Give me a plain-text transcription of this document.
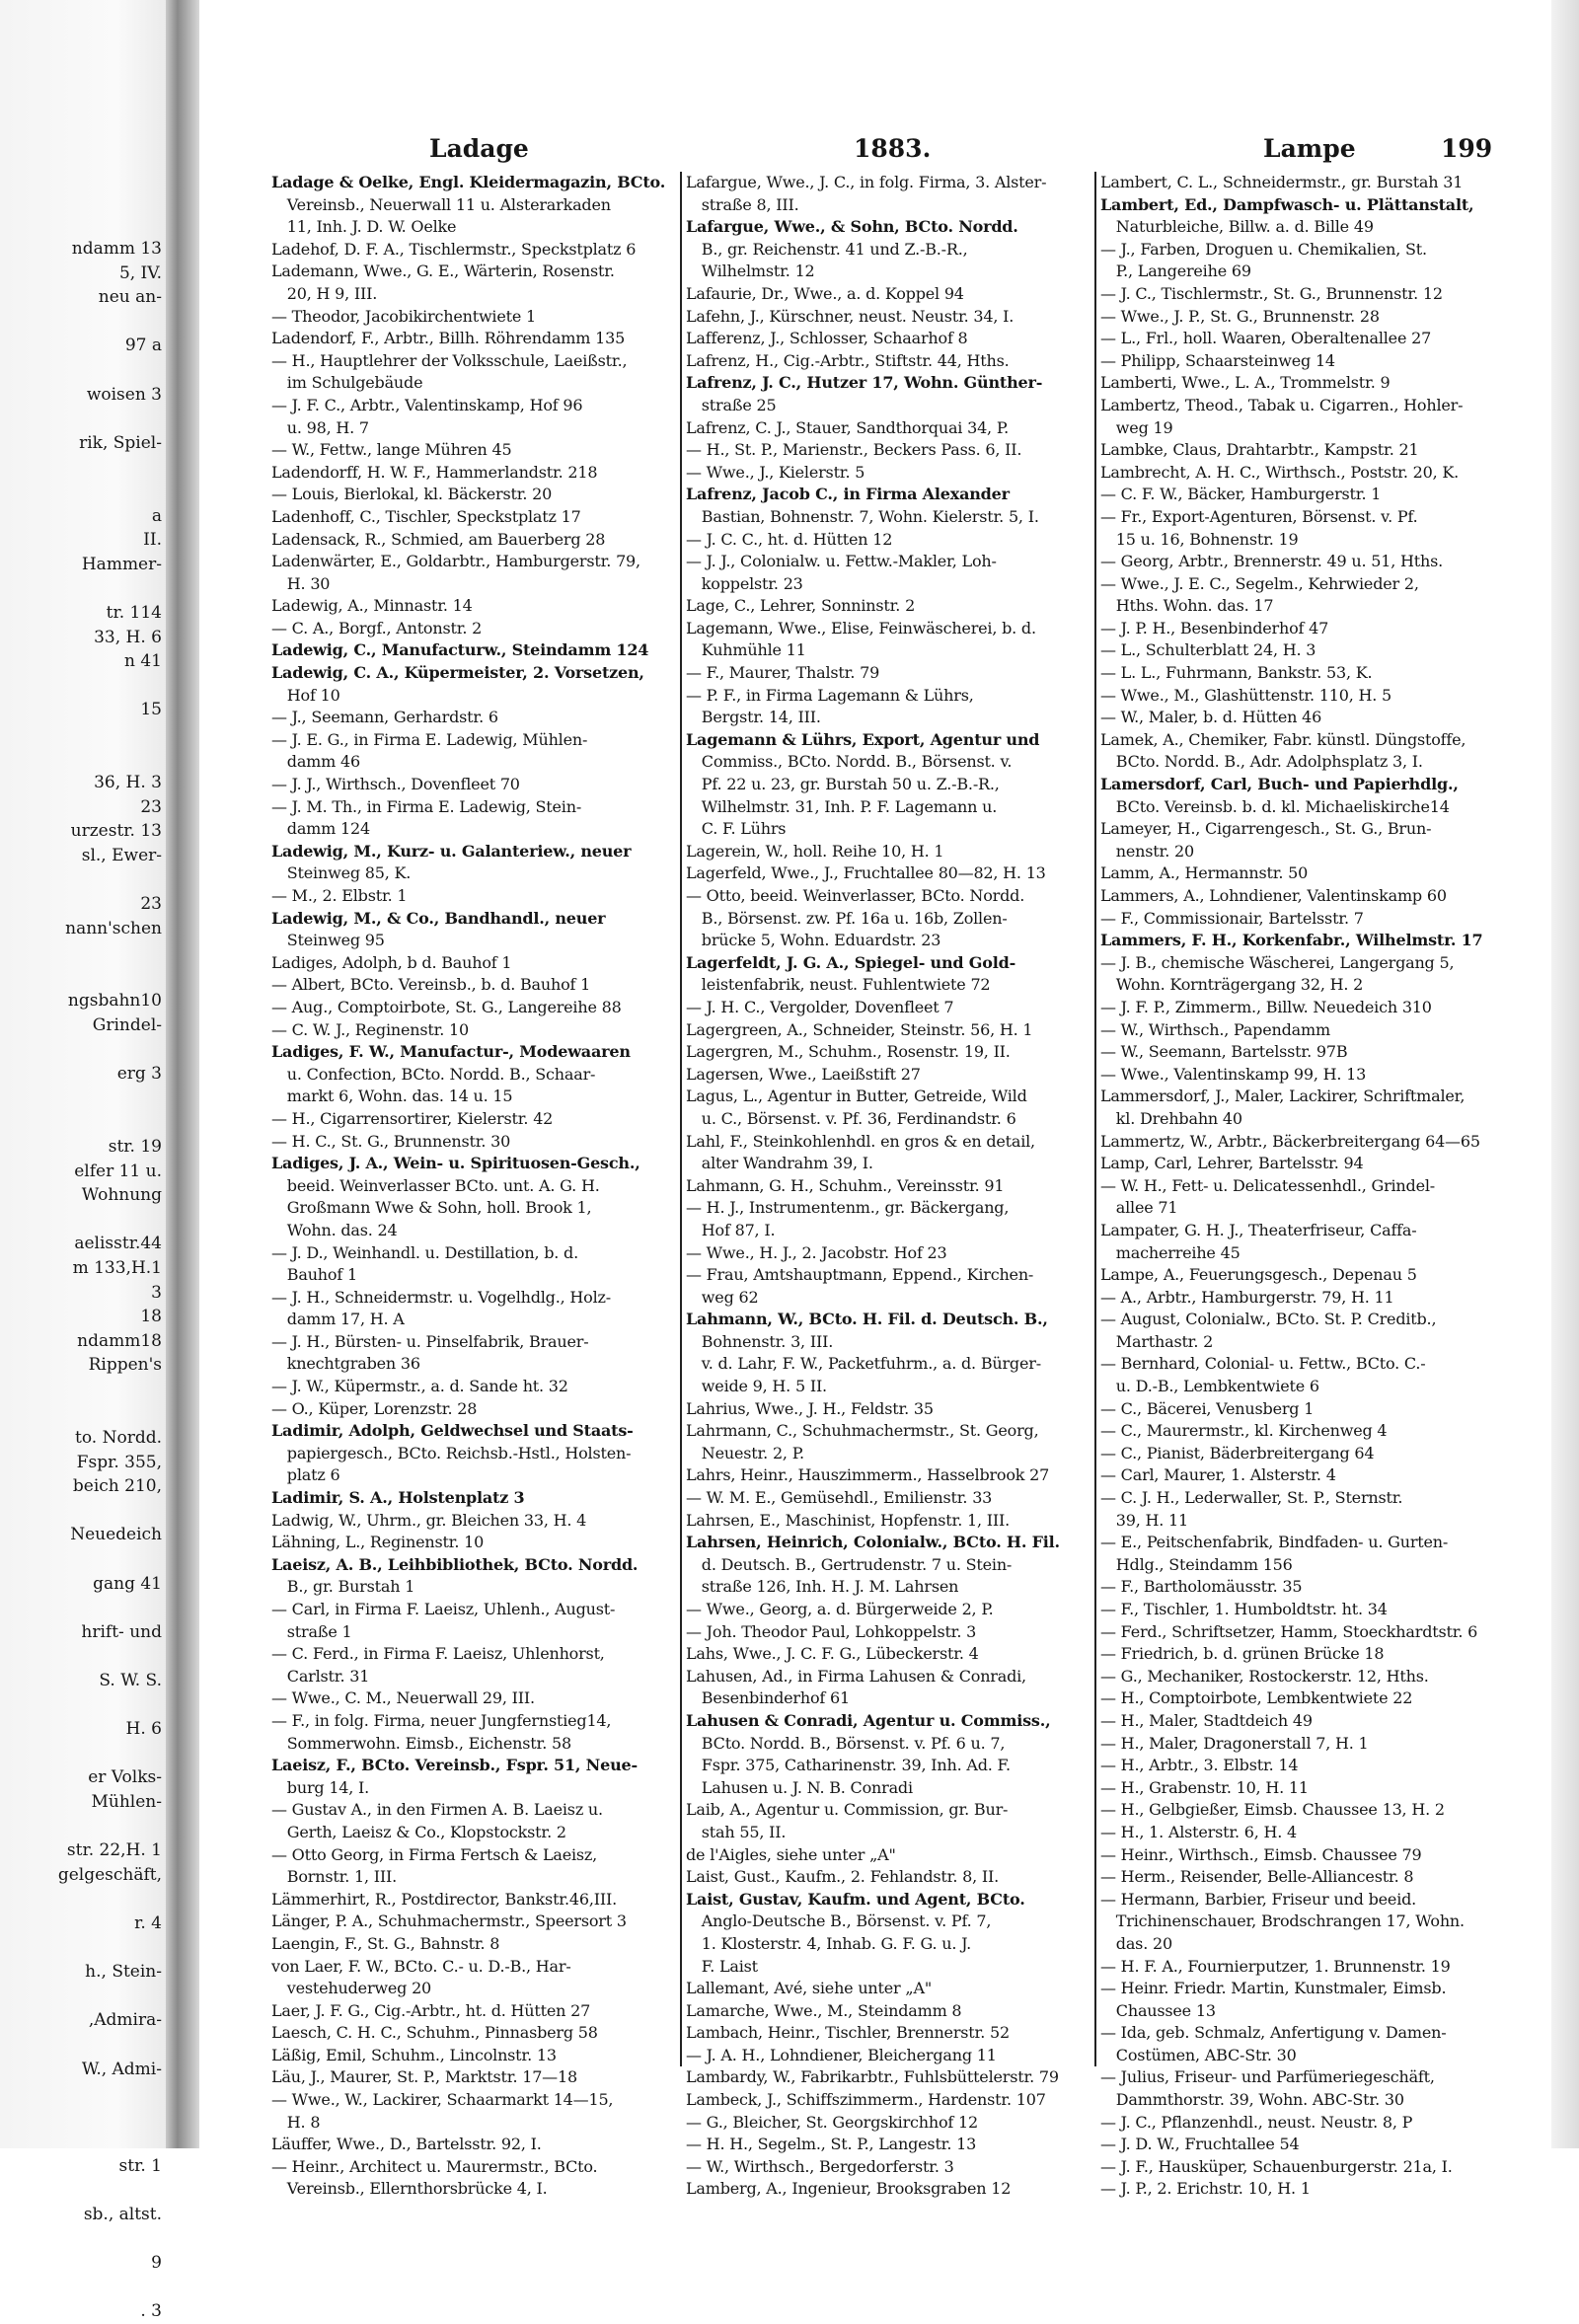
ndamm 13
5, IV.
neu an-

97 a

woisen 3

rik, Spiel-

a
II.
Hammer-

tr. 114
33, H. 6
n 41

15

36, H. 3
23
urzestr. 13
sl., Ewer-

23
nann'schen

ngsbahn10
Grindel-

erg 3

str. 19
elfer 11 u.
Wohnung

aelisstr.44
m 133,H.1
3
18
ndamm18
Rippen's

to. Nordd.
Fspr. 355,
beich 210,

Neuedeich

gang 41

hrift- und

S. W. S.

H. 6

er Volks-
Mühlen-

str. 22,H. 1
gelgeschäft,

r. 4

h., Stein-

,Admira-

W., Admi-

str. 1

sb., altst.

9

. 3
Ladage	1883.	Lampe	199
Ladage & Oelke, Engl. Kleidermagazin, BCto.
 Vereinsb., Neuerwall 11 u. Alsterarkaden
 11, Inh. J. D. W. Oelke
Ladehof, D. F. A., Tischlermstr., Speckstplatz 6
Lademann, Wwe., G. E., Wärterin, Rosenstr.
 20, H 9, III.
— Theodor, Jacobikirchentwiete 1
Ladendorf, F., Arbtr., Billh. Röhrendamm 135
— H., Hauptlehrer der Volksschule, Laeißstr.,
 im Schulgebäude
— J. F. C., Arbtr., Valentinskamp, Hof 96
 u. 98, H. 7
— W., Fettw., lange Mühren 45
Ladendorff, H. W. F., Hammerlandstr. 218
— Louis, Bierlokal, kl. Bäckerstr. 20
Ladenhoff, C., Tischler, Speckstplatz 17
Ladensack, R., Schmied, am Bauerberg 28
Ladenwärter, E., Goldarbtr., Hamburgerstr. 79,
 H. 30
Ladewig, A., Minnastr. 14
— C. A., Borgf., Antonstr. 2
Ladewig, C., Manufacturw., Steindamm 124
Ladewig, C. A., Küpermeister, 2. Vorsetzen,
 Hof 10
— J., Seemann, Gerhardstr. 6
— J. E. G., in Firma E. Ladewig, Mühlen-
 damm 46
— J. J., Wirthsch., Dovenfleet 70
— J. M. Th., in Firma E. Ladewig, Stein-
 damm 124
Ladewig, M., Kurz- u. Galanteriew., neuer
 Steinweg 85, K.
— M., 2. Elbstr. 1
Ladewig, M., & Co., Bandhandl., neuer
 Steinweg 95
Ladiges, Adolph, b d. Bauhof 1
— Albert, BCto. Vereinsb., b. d. Bauhof 1
— Aug., Comptoirbote, St. G., Langereihe 88
— C. W. J., Reginenstr. 10
Ladiges, F. W., Manufactur-, Modewaaren
 u. Confection, BCto. Nordd. B., Schaar-
 markt 6, Wohn. das. 14 u. 15
— H., Cigarrensortirer, Kielerstr. 42
— H. C., St. G., Brunnenstr. 30
Ladiges, J. A., Wein- u. Spirituosen-Gesch.,
 beeid. Weinverlasser BCto. unt. A. G. H.
 Großmann Wwe & Sohn, holl. Brook 1,
 Wohn. das. 24
— J. D., Weinhandl. u. Destillation, b. d.
 Bauhof 1
— J. H., Schneidermstr. u. Vogelhdlg., Holz-
 damm 17, H. A
— J. H., Bürsten- u. Pinselfabrik, Brauer-
 knechtgraben 36
— J. W., Küpermstr., a. d. Sande ht. 32
— O., Küper, Lorenzstr. 28
Ladimir, Adolph, Geldwechsel und Staats-
 papiergesch., BCto. Reichsb.-Hstl., Holsten-
 platz 6
Ladimir, S. A., Holstenplatz 3
Ladwig, W., Uhrm., gr. Bleichen 33, H. 4
Lähning, L., Reginenstr. 10
Laeisz, A. B., Leihbibliothek, BCto. Nordd.
 B., gr. Burstah 1
— Carl, in Firma F. Laeisz, Uhlenh., August-
 straße 1
— C. Ferd., in Firma F. Laeisz, Uhlenhorst,
 Carlstr. 31
— Wwe., C. M., Neuerwall 29, III.
— F., in folg. Firma, neuer Jungfernstieg14,
 Sommerwohn. Eimsb., Eichenstr. 58
Laeisz, F., BCto. Vereinsb., Fspr. 51, Neue-
 burg 14, I.
— Gustav A., in den Firmen A. B. Laeisz u.
 Gerth, Laeisz & Co., Klopstockstr. 2
— Otto Georg, in Firma Fertsch & Laeisz,
 Bornstr. 1, III.
Lämmerhirt, R., Postdirector, Bankstr.46,III.
Länger, P. A., Schuhmachermstr., Speersort 3
Laengin, F., St. G., Bahnstr. 8
von Laer, F. W., BCto. C.- u. D.-B., Har-
 vestehuderweg 20
Laer, J. F. G., Cig.-Arbtr., ht. d. Hütten 27
Laesch, C. H. C., Schuhm., Pinnasberg 58
Läßig, Emil, Schuhm., Lincolnstr. 13
Läu, J., Maurer, St. P., Marktstr. 17—18
— Wwe., W., Lackirer, Schaarmarkt 14—15,
 H. 8
Läuffer, Wwe., D., Bartelsstr. 92, I.
— Heinr., Architect u. Maurermstr., BCto.
 Vereinsb., Ellernthorsbrücke 4, I.
Lafargue, Wwe., J. C., in folg. Firma, 3. Alster-
 straße 8, III.
Lafargue, Wwe., & Sohn, BCto. Nordd.
 B., gr. Reichenstr. 41 und Z.-B.-R.,
 Wilhelmstr. 12
Lafaurie, Dr., Wwe., a. d. Koppel 94
Lafehn, J., Kürschner, neust. Neustr. 34, I.
Lafferenz, J., Schlosser, Schaarhof 8
Lafrenz, H., Cig.-Arbtr., Stiftstr. 44, Hths.
Lafrenz, J. C., Hutzer 17, Wohn. Günther-
 straße 25
Lafrenz, C. J., Stauer, Sandthorquai 34, P.
— H., St. P., Marienstr., Beckers Pass. 6, II.
— Wwe., J., Kielerstr. 5
Lafrenz, Jacob C., in Firma Alexander
 Bastian, Bohnenstr. 7, Wohn. Kielerstr. 5, I.
— J. C. C., ht. d. Hütten 12
— J. J., Colonialw. u. Fettw.-Makler, Loh-
 koppelstr. 23
Lage, C., Lehrer, Sonninstr. 2
Lagemann, Wwe., Elise, Feinwäscherei, b. d.
 Kuhmühle 11
— F., Maurer, Thalstr. 79
— P. F., in Firma Lagemann & Lührs,
 Bergstr. 14, III.
Lagemann & Lührs, Export, Agentur und
 Commiss., BCto. Nordd. B., Börsenst. v.
 Pf. 22 u. 23, gr. Burstah 50 u. Z.-B.-R.,
 Wilhelmstr. 31, Inh. P. F. Lagemann u.
 C. F. Lührs
Lagerein, W., holl. Reihe 10, H. 1
Lagerfeld, Wwe., J., Fruchtallee 80—82, H. 13
— Otto, beeid. Weinverlasser, BCto. Nordd.
 B., Börsenst. zw. Pf. 16a u. 16b, Zollen-
 brücke 5, Wohn. Eduardstr. 23
Lagerfeldt, J. G. A., Spiegel- und Gold-
 leistenfabrik, neust. Fuhlentwiete 72
— J. H. C., Vergolder, Dovenfleet 7
Lagergreen, A., Schneider, Steinstr. 56, H. 1
Lagergren, M., Schuhm., Rosenstr. 19, II.
Lagersen, Wwe., Laeißstift 27
Lagus, L., Agentur in Butter, Getreide, Wild
 u. C., Börsenst. v. Pf. 36, Ferdinandstr. 6
Lahl, F., Steinkohlenhdl. en gros & en detail,
 alter Wandrahm 39, I.
Lahmann, G. H., Schuhm., Vereinsstr. 91
— H. J., Instrumentenm., gr. Bäckergang,
 Hof 87, I.
— Wwe., H. J., 2. Jacobstr. Hof 23
— Frau, Amtshauptmann, Eppend., Kirchen-
 weg 62
Lahmann, W., BCto. H. Fil. d. Deutsch. B.,
 Bohnenstr. 3, III.
 v. d. Lahr, F. W., Packetfuhrm., a. d. Bürger-
 weide 9, H. 5 II.
Lahrius, Wwe., J. H., Feldstr. 35
Lahrmann, C., Schuhmachermstr., St. Georg,
 Neuestr. 2, P.
Lahrs, Heinr., Hauszimmerm., Hasselbrook 27
— W. M. E., Gemüsehdl., Emilienstr. 33
Lahrsen, E., Maschinist, Hopfenstr. 1, III.
Lahrsen, Heinrich, Colonialw., BCto. H. Fil.
 d. Deutsch. B., Gertrudenstr. 7 u. Stein-
 straße 126, Inh. H. J. M. Lahrsen
— Wwe., Georg, a. d. Bürgerweide 2, P.
— Joh. Theodor Paul, Lohkoppelstr. 3
Lahs, Wwe., J. C. F. G., Lübeckerstr. 4
Lahusen, Ad., in Firma Lahusen & Conradi,
 Besenbinderhof 61
Lahusen & Conradi, Agentur u. Commiss.,
 BCto. Nordd. B., Börsenst. v. Pf. 6 u. 7,
 Fspr. 375, Catharinenstr. 39, Inh. Ad. F.
 Lahusen u. J. N. B. Conradi
Laib, A., Agentur u. Commission, gr. Bur-
 stah 55, II.
de l'Aigles, siehe unter „A"
Laist, Gust., Kaufm., 2. Fehlandstr. 8, II.
Laist, Gustav, Kaufm. und Agent, BCto.
 Anglo-Deutsche B., Börsenst. v. Pf. 7,
 1. Klosterstr. 4, Inhab. G. F. G. u. J.
 F. Laist
Lallemant, Avé, siehe unter „A"
Lamarche, Wwe., M., Steindamm 8
Lambach, Heinr., Tischler, Brennerstr. 52
— J. A. H., Lohndiener, Bleichergang 11
Lambardy, W., Fabrikarbtr., Fuhlsbüttelerstr. 79
Lambeck, J., Schiffszimmerm., Hardenstr. 107
— G., Bleicher, St. Georgskirchhof 12
— H. H., Segelm., St. P., Langestr. 13
— W., Wirthsch., Bergedorferstr. 3
Lamberg, A., Ingenieur, Brooksgraben 12
Lambert, C. L., Schneidermstr., gr. Burstah 31
Lambert, Ed., Dampfwasch- u. Plättanstalt,
 Naturbleiche, Billw. a. d. Bille 49
— J., Farben, Droguen u. Chemikalien, St.
 P., Langereihe 69
— J. C., Tischlermstr., St. G., Brunnenstr. 12
— Wwe., J. P., St. G., Brunnenstr. 28
— L., Frl., holl. Waaren, Oberaltenallee 27
— Philipp, Schaarsteinweg 14
Lamberti, Wwe., L. A., Trommelstr. 9
Lambertz, Theod., Tabak u. Cigarren., Hohler-
 weg 19
Lambke, Claus, Drahtarbtr., Kampstr. 21
Lambrecht, A. H. C., Wirthsch., Poststr. 20, K.
— C. F. W., Bäcker, Hamburgerstr. 1
— Fr., Export-Agenturen, Börsenst. v. Pf.
 15 u. 16, Bohnenstr. 19
— Georg, Arbtr., Brennerstr. 49 u. 51, Hths.
— Wwe., J. E. C., Segelm., Kehrwieder 2,
 Hths. Wohn. das. 17
— J. P. H., Besenbinderhof 47
— L., Schulterblatt 24, H. 3
— L. L., Fuhrmann, Bankstr. 53, K.
— Wwe., M., Glashüttenstr. 110, H. 5
— W., Maler, b. d. Hütten 46
Lamek, A., Chemiker, Fabr. künstl. Düngstoffe,
 BCto. Nordd. B., Adr. Adolphsplatz 3, I.
Lamersdorf, Carl, Buch- und Papierhdlg.,
 BCto. Vereinsb. b. d. kl. Michaeliskirche14
Lameyer, H., Cigarrengesch., St. G., Brun-
 nenstr. 20
Lamm, A., Hermannstr. 50
Lammers, A., Lohndiener, Valentinskamp 60
— F., Commissionair, Bartelsstr. 7
Lammers, F. H., Korkenfabr., Wilhelmstr. 17
— J. B., chemische Wäscherei, Langergang 5,
 Wohn. Kornträgergang 32, H. 2
— J. F. P., Zimmerm., Billw. Neuedeich 310
— W., Wirthsch., Papendamm
— W., Seemann, Bartelsstr. 97B
— Wwe., Valentinskamp 99, H. 13
Lammersdorf, J., Maler, Lackirer, Schriftmaler,
 kl. Drehbahn 40
Lammertz, W., Arbtr., Bäckerbreitergang 64—65
Lamp, Carl, Lehrer, Bartelsstr. 94
— W. H., Fett- u. Delicatessenhdl., Grindel-
 allee 71
Lampater, G. H. J., Theaterfriseur, Caffa-
 macherreihe 45
Lampe, A., Feuerungsgesch., Depenau 5
— A., Arbtr., Hamburgerstr. 79, H. 11
— August, Colonialw., BCto. St. P. Creditb.,
 Marthastr. 2
— Bernhard, Colonial- u. Fettw., BCto. C.-
 u. D.-B., Lembkentwiete 6
— C., Bäcerei, Venusberg 1
— C., Maurermstr., kl. Kirchenweg 4
— C., Pianist, Bäderbreitergang 64
— Carl, Maurer, 1. Alsterstr. 4
— C. J. H., Lederwaller, St. P., Sternstr.
 39, H. 11
— E., Peitschenfabrik, Bindfaden- u. Gurten-
 Hdlg., Steindamm 156
— F., Bartholomäusstr. 35
— F., Tischler, 1. Humboldtstr. ht. 34
— Ferd., Schriftsetzer, Hamm, Stoeckhardtstr. 6
— Friedrich, b. d. grünen Brücke 18
— G., Mechaniker, Rostockerstr. 12, Hths.
— H., Comptoirbote, Lembkentwiete 22
— H., Maler, Stadtdeich 49
— H., Maler, Dragonerstall 7, H. 1
— H., Arbtr., 3. Elbstr. 14
— H., Grabenstr. 10, H. 11
— H., Gelbgießer, Eimsb. Chaussee 13, H. 2
— H., 1. Alsterstr. 6, H. 4
— Heinr., Wirthsch., Eimsb. Chaussee 79
— Herm., Reisender, Belle-Alliancestr. 8
— Hermann, Barbier, Friseur und beeid.
 Trichinenschauer, Brodschrangen 17, Wohn.
 das. 20
— H. F. A., Fournierputzer, 1. Brunnenstr. 19
— Heinr. Friedr. Martin, Kunstmaler, Eimsb.
 Chaussee 13
— Ida, geb. Schmalz, Anfertigung v. Damen-
 Costümen, ABC-Str. 30
— Julius, Friseur- und Parfümeriegeschäft,
 Dammthorstr. 39, Wohn. ABC-Str. 30
— J. C., Pflanzenhdl., neust. Neustr. 8, P
— J. D. W., Fruchtallee 54
— J. F., Hausküper, Schauenburgerstr. 21a, I.
— J. P., 2. Erichstr. 10, H. 1
